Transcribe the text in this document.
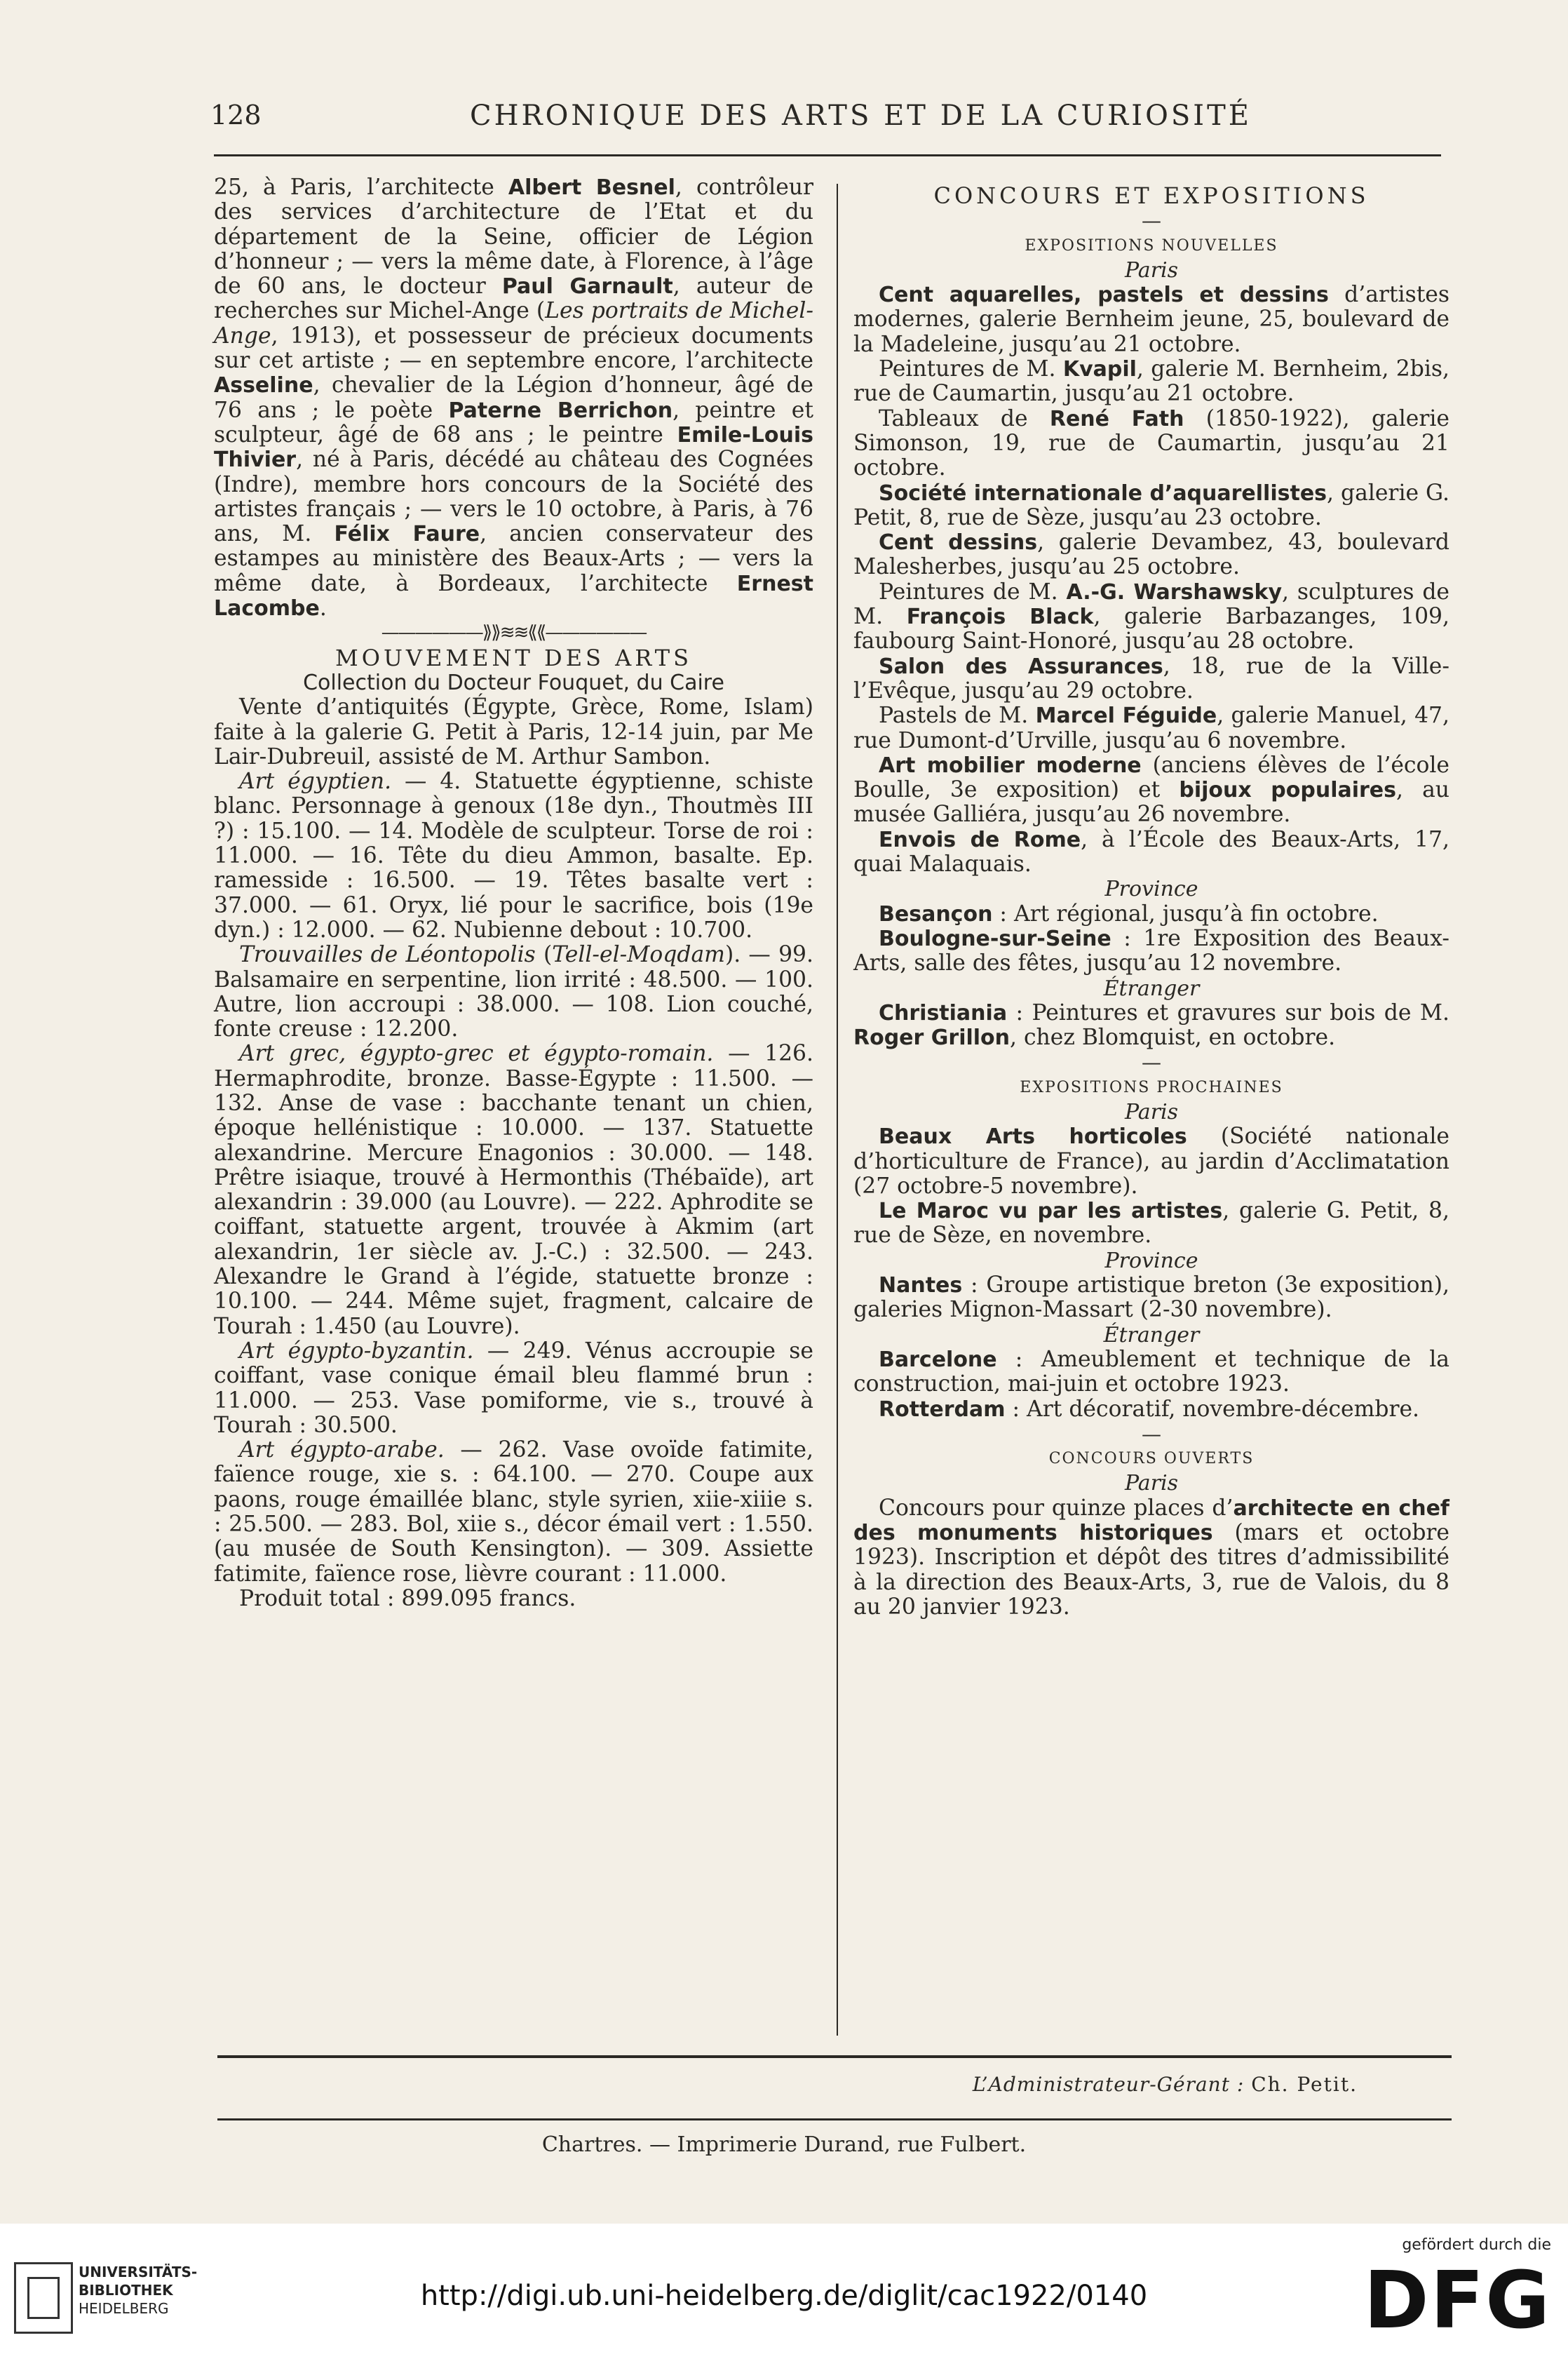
128	CHRONIQUE DES ARTS ET DE LA CURIOSITÉ

25, à Paris, l’architecte Albert Besnel, contrôleur des services d’architecture de l’Etat et du département de la Seine, officier de Légion d’honneur ; — vers la même date, à Florence, à l’âge de 60 ans, le docteur Paul Garnault, auteur de recherches sur Michel-Ange (Les portraits de Michel-Ange, 1913), et possesseur de précieux documents sur cet artiste ; — en septembre encore, l’architecte Asseline, chevalier de la Légion d’honneur, âgé de 76 ans ; le poète Paterne Berrichon, peintre et sculpteur, âgé de 68 ans ; le peintre Emile-Louis Thivier, né à Paris, décédé au château des Cognées (Indre), membre hors concours de la Société des artistes français ; — vers le 10 octobre, à Paris, à 76 ans, M. Félix Faure, ancien conservateur des estampes au ministère des Beaux-Arts ; — vers la même date, à Bordeaux, l’architecte Ernest Lacombe.

——————⟫⟫≋≋⟪⟪——————

MOUVEMENT DES ARTS

Collection du Docteur Fouquet, du Caire

Vente d’antiquités (Égypte, Grèce, Rome, Islam) faite à la galerie G. Petit à Paris, 12-14 juin, par Me Lair-Dubreuil, assisté de M. Arthur Sambon.

Art égyptien. — 4. Statuette égyptienne, schiste blanc. Personnage à genoux (18e dyn., Thoutmès III ?) : 15.100. — 14. Modèle de sculpteur. Torse de roi : 11.000. — 16. Tête du dieu Ammon, basalte. Ep. ramesside : 16.500. — 19. Têtes basalte vert : 37.000. — 61. Oryx, lié pour le sacrifice, bois (19e dyn.) : 12.000. — 62. Nubienne debout : 10.700.

Trouvailles de Léontopolis (Tell-el-Moqdam). — 99. Balsamaire en serpentine, lion irrité : 48.500. — 100. Autre, lion accroupi : 38.000. — 108. Lion couché, fonte creuse : 12.200.

Art grec, égypto-grec et égypto-romain. — 126. Hermaphrodite, bronze. Basse-Égypte : 11.500. — 132. Anse de vase : bacchante tenant un chien, époque hellénistique : 10.000. — 137. Statuette alexandrine. Mercure Enagonios : 30.000. — 148. Prêtre isiaque, trouvé à Hermonthis (Thébaïde), art alexandrin : 39.000 (au Louvre). — 222. Aphrodite se coiffant, statuette argent, trouvée à Akmim (art alexandrin, 1er siècle av. J.-C.) : 32.500. — 243. Alexandre le Grand à l’égide, statuette bronze : 10.100. — 244. Même sujet, fragment, calcaire de Tourah : 1.450 (au Louvre).

Art égypto-byzantin. — 249. Vénus accroupie se coiffant, vase conique émail bleu flammé brun : 11.000. — 253. Vase pomiforme, vie s., trouvé à Tourah : 30.500.

Art égypto-arabe. — 262. Vase ovoïde fatimite, faïence rouge, xie s. : 64.100. — 270. Coupe aux paons, rouge émaillée blanc, style syrien, xiie-xiiie s. : 25.500. — 283. Bol, xiie s., décor émail vert : 1.550. (au musée de South Kensington). — 309. Assiette fatimite, faïence rose, lièvre courant : 11.000.

Produit total : 899.095 francs.

CONCOURS ET EXPOSITIONS

—

EXPOSITIONS NOUVELLES

Paris

Cent aquarelles, pastels et dessins d’artistes modernes, galerie Bernheim jeune, 25, boulevard de la Madeleine, jusqu’au 21 octobre.

Peintures de M. Kvapil, galerie M. Bernheim, 2bis, rue de Caumartin, jusqu’au 21 octobre.

Tableaux de René Fath (1850-1922), galerie Simonson, 19, rue de Caumartin, jusqu’au 21 octobre.

Société internationale d’aquarellistes, galerie G. Petit, 8, rue de Sèze, jusqu’au 23 octobre.

Cent dessins, galerie Devambez, 43, boulevard Malesherbes, jusqu’au 25 octobre.

Peintures de M. A.-G. Warshawsky, sculptures de M. François Black, galerie Barbazanges, 109, faubourg Saint-Honoré, jusqu’au 28 octobre.

Salon des Assurances, 18, rue de la Ville-l’Evêque, jusqu’au 29 octobre.

Pastels de M. Marcel Féguide, galerie Manuel, 47, rue Dumont-d’Urville, jusqu’au 6 novembre.

Art mobilier moderne (anciens élèves de l’école Boulle, 3e exposition) et bijoux populaires, au musée Galliéra, jusqu’au 26 novembre.

Envois de Rome, à l’École des Beaux-Arts, 17, quai Malaquais.

Province

Besançon : Art régional, jusqu’à fin octobre.

Boulogne-sur-Seine : 1re Exposition des Beaux-Arts, salle des fêtes, jusqu’au 12 novembre.

Étranger

Christiania : Peintures et gravures sur bois de M. Roger Grillon, chez Blomquist, en octobre.

—

EXPOSITIONS PROCHAINES

Paris

Beaux Arts horticoles (Société nationale d’horticulture de France), au jardin d’Acclimatation (27 octobre-5 novembre).

Le Maroc vu par les artistes, galerie G. Petit, 8, rue de Sèze, en novembre.

Province

Nantes : Groupe artistique breton (3e exposition), galeries Mignon-Massart (2-30 novembre).

Étranger

Barcelone : Ameublement et technique de la construction, mai-juin et octobre 1923.

Rotterdam : Art décoratif, novembre-décembre.

—

CONCOURS OUVERTS

Paris

Concours pour quinze places d’architecte en chef des monuments historiques (mars et octobre 1923). Inscription et dépôt des titres d’admissibilité à la direction des Beaux-Arts, 3, rue de Valois, du 8 au 20 janvier 1923.

L’Administrateur-Gérant : Ch. Petit.
Chartres. — Imprimerie Durand, rue Fulbert.
UNIVERSITÄTS-
BIBLIOTHEK
HEIDELBERG	http://digi.ub.uni-heidelberg.de/diglit/cac1922/0140
gefördert durch die
DFG
